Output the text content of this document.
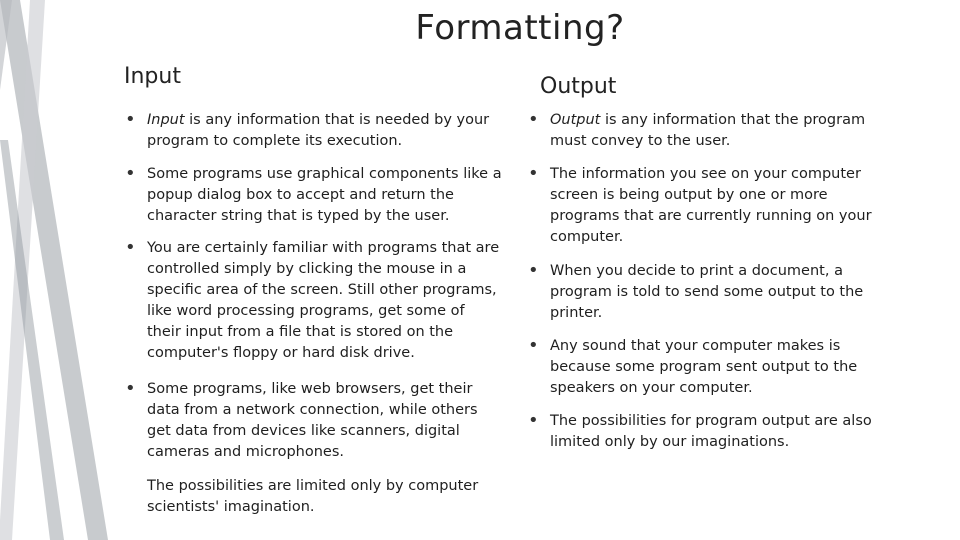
Formatting?
Input	Output
• Input is any information that is needed by your program to complete its execution.
• Some programs use graphical components like a popup dialog box to accept and return the character string that is typed by the user.
• You are certainly familiar with programs that are controlled simply by clicking the mouse in a specific area of the screen. Still other programs, like word processing programs, get some of their input from a file that is stored on the computer's floppy or hard disk drive.
• Some programs, like web browsers, get their data from a network connection, while others get data from devices like scanners, digital cameras and microphones.
The possibilities are limited only by computer scientists' imagination.
• Output is any information that the program must convey to the user.
• The information you see on your computer screen is being output by one or more programs that are currently running on your computer.
• When you decide to print a document, a program is told to send some output to the printer.
• Any sound that your computer makes is because some program sent output to the speakers on your computer.
• The possibilities for program output are also limited only by our imaginations.
